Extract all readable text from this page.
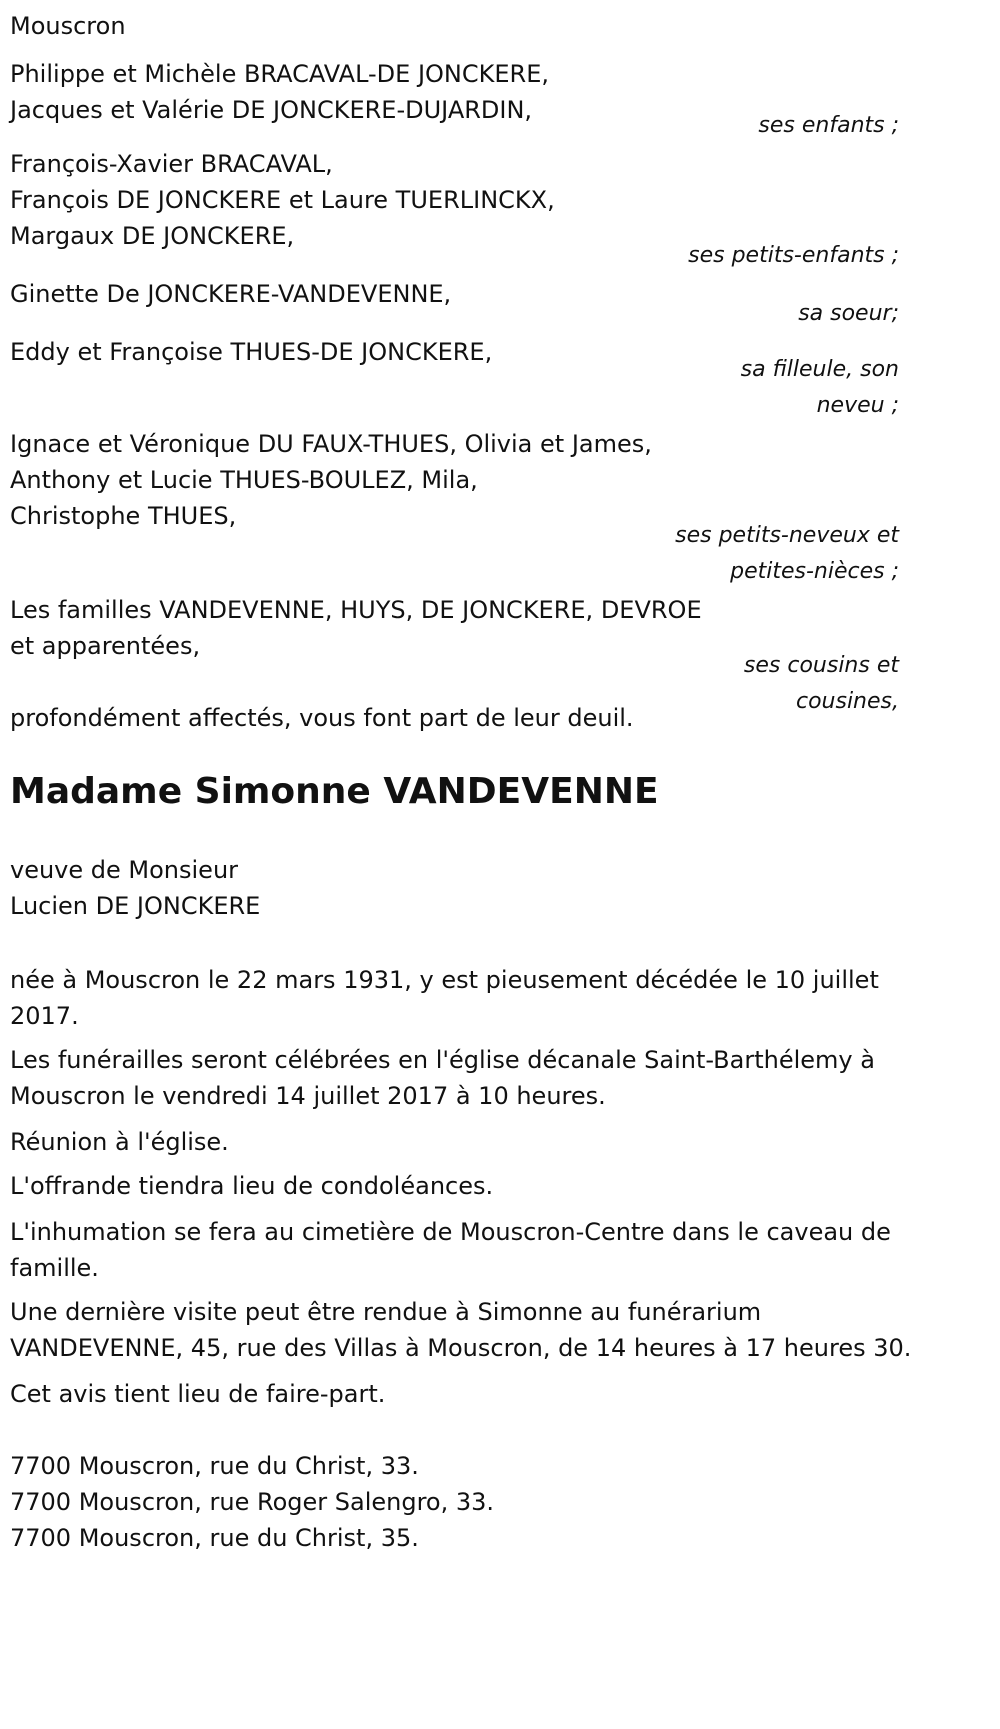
Mouscron

Philippe et Michèle BRACAVAL-DE JONCKERE,

Jacques et Valérie DE JONCKERE-DUJARDIN,

ses enfants ;

François-Xavier BRACAVAL,

François DE JONCKERE et Laure TUERLINCKX,

Margaux DE JONCKERE,

ses petits-enfants ;

Ginette De JONCKERE-VANDEVENNE,

sa soeur;

Eddy et Françoise THUES-DE JONCKERE,

sa filleule, son

neveu ;

Ignace et Véronique DU FAUX-THUES, Olivia et James,

Anthony et Lucie THUES-BOULEZ, Mila,

Christophe THUES,

ses petits-neveux et

petites-nièces ;

Les familles VANDEVENNE, HUYS, DE JONCKERE, DEVROE

et apparentées,

ses cousins et

cousines,

profondément affectés, vous font part de leur deuil.

Madame Simonne VANDEVENNE

veuve de Monsieur

Lucien DE JONCKERE

née à Mouscron le 22 mars 1931, y est pieusement décédée le 10 juillet

2017.

Les funérailles seront célébrées en l'église décanale Saint-Barthélemy à

Mouscron le vendredi 14 juillet 2017 à 10 heures.

Réunion à l'église.

L'offrande tiendra lieu de condoléances.

L'inhumation se fera au cimetière de Mouscron-Centre dans le caveau de

famille.

Une dernière visite peut être rendue à Simonne au funérarium

VANDEVENNE, 45, rue des Villas à Mouscron, de 14 heures à 17 heures 30.

Cet avis tient lieu de faire-part.

7700 Mouscron, rue du Christ, 33.

7700 Mouscron, rue Roger Salengro, 33.

7700 Mouscron, rue du Christ, 35.
